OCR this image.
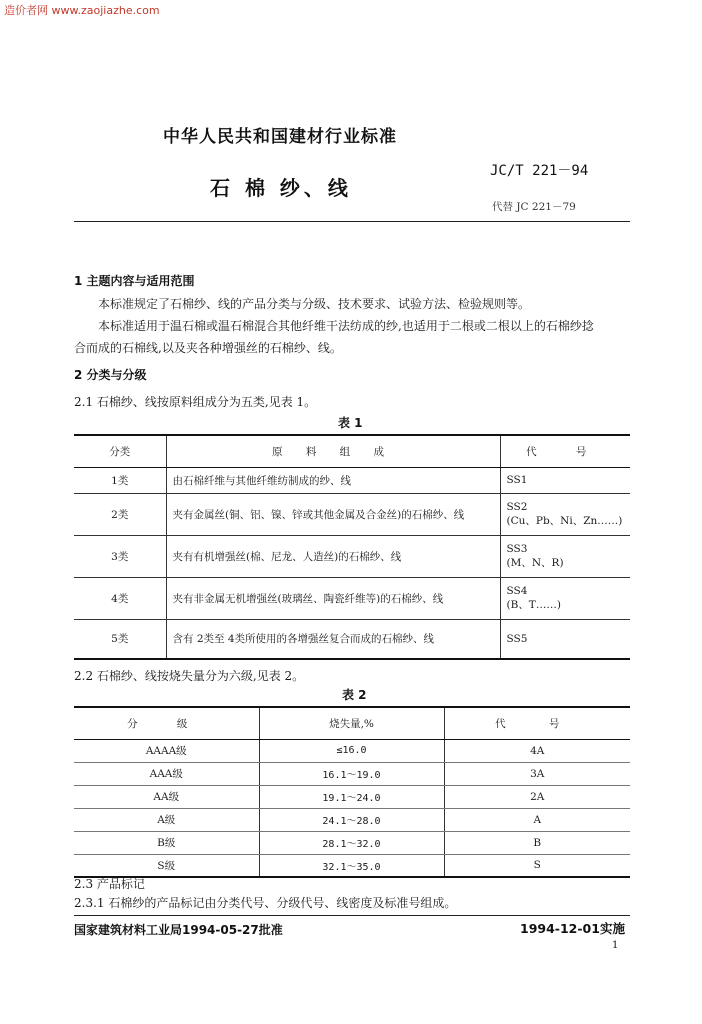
造价者网 www.zaojiazhe.com
中华人民共和国建材行业标准
石 棉 纱、线
JC/T 221－94
代替 JC 221－79
1 主题内容与适用范围
本标准规定了石棉纱、线的产品分类与分级、技术要求、试验方法、检验规则等。
本标准适用于温石棉或温石棉混合其他纤维干法纺成的纱,也适用于二根或二根以上的石棉纱捻
合而成的石棉线,以及夹各种增强丝的石棉纱、线。
2 分类与分级
2.1 石棉纱、线按原料组成分为五类,见表 1。
表 1
分类	原 料 组 成	代 号
1类	由石棉纤维与其他纤维纺制成的纱、线	SS1

2类	夹有金属丝(铜、铝、镍、锌或其他金属及合金丝)的石棉纱、线	SS2
(Cu、Pb、Ni、Zn……)

3类	夹有有机增强丝(棉、尼龙、人造丝)的石棉纱、线	SS3
(M、N、R)

4类	夹有非金属无机增强丝(玻璃丝、陶瓷纤维等)的石棉纱、线	SS4
(B、T……)

5类	含有 2类至 4类所使用的各增强丝复合而成的石棉纱、线	SS5
2.2 石棉纱、线按烧失量分为六级,见表 2。
表 2
分 级	烧失量,%	代 号
AAAA级	≤16.0	4A
AAA级	16.1～19.0	3A
AA级	19.1～24.0	2A
A级	24.1～28.0	A
B级	28.1～32.0	B
S级	32.1～35.0	S
2.3 产品标记
2.3.1 石棉纱的产品标记由分类代号、分级代号、线密度及标准号组成。
国家建筑材料工业局1994-05-27批准	1994-12-01实施
1
